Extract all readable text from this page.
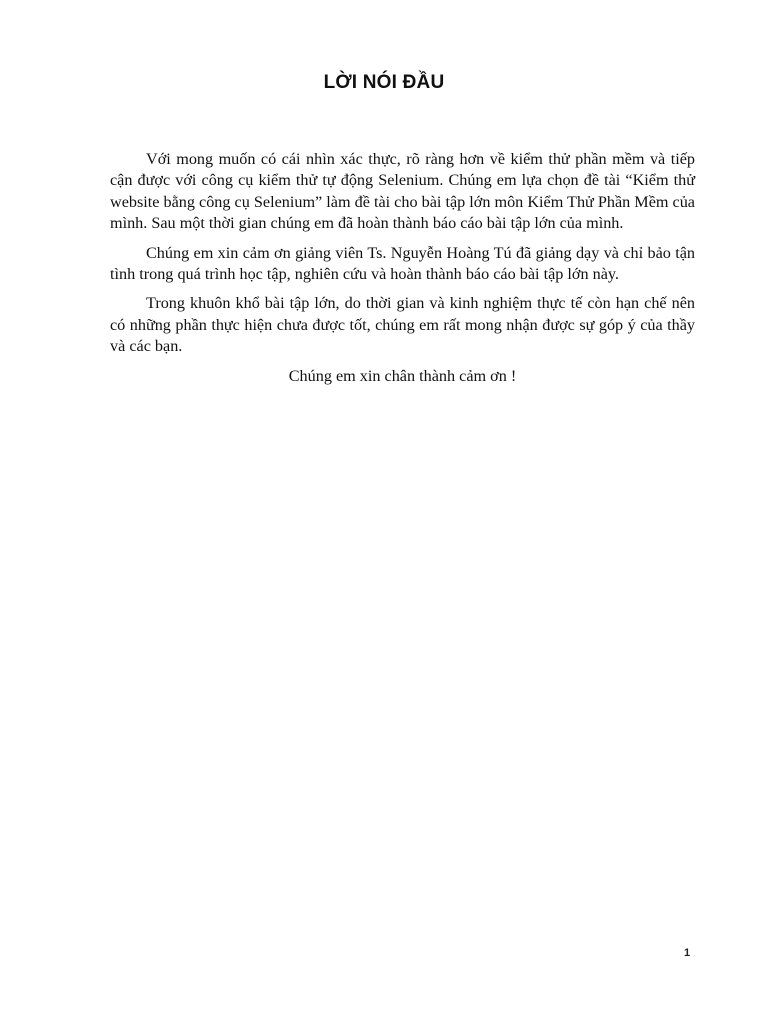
LỜI NÓI ĐẦU

Với mong muốn có cái nhìn xác thực, rõ ràng hơn về kiểm thử phần mềm và tiếp cận được với công cụ kiểm thử tự động Selenium. Chúng em lựa chọn đề tài “Kiểm thử website bằng công cụ Selenium” làm đề tài cho bài tập lớn môn Kiểm Thử Phần Mềm của mình. Sau một thời gian chúng em đã hoàn thành báo cáo bài tập lớn của mình.

Chúng em xin cảm ơn giảng viên Ts. Nguyễn Hoàng Tú đã giảng dạy và chỉ bảo tận tình trong quá trình học tập, nghiên cứu và hoàn thành báo cáo bài tập lớn này.

Trong khuôn khổ bài tập lớn, do thời gian và kinh nghiệm thực tế còn hạn chế nên có những phần thực hiện chưa được tốt, chúng em rất mong nhận được sự góp ý của thầy và các bạn.

Chúng em xin chân thành cảm ơn !

1
